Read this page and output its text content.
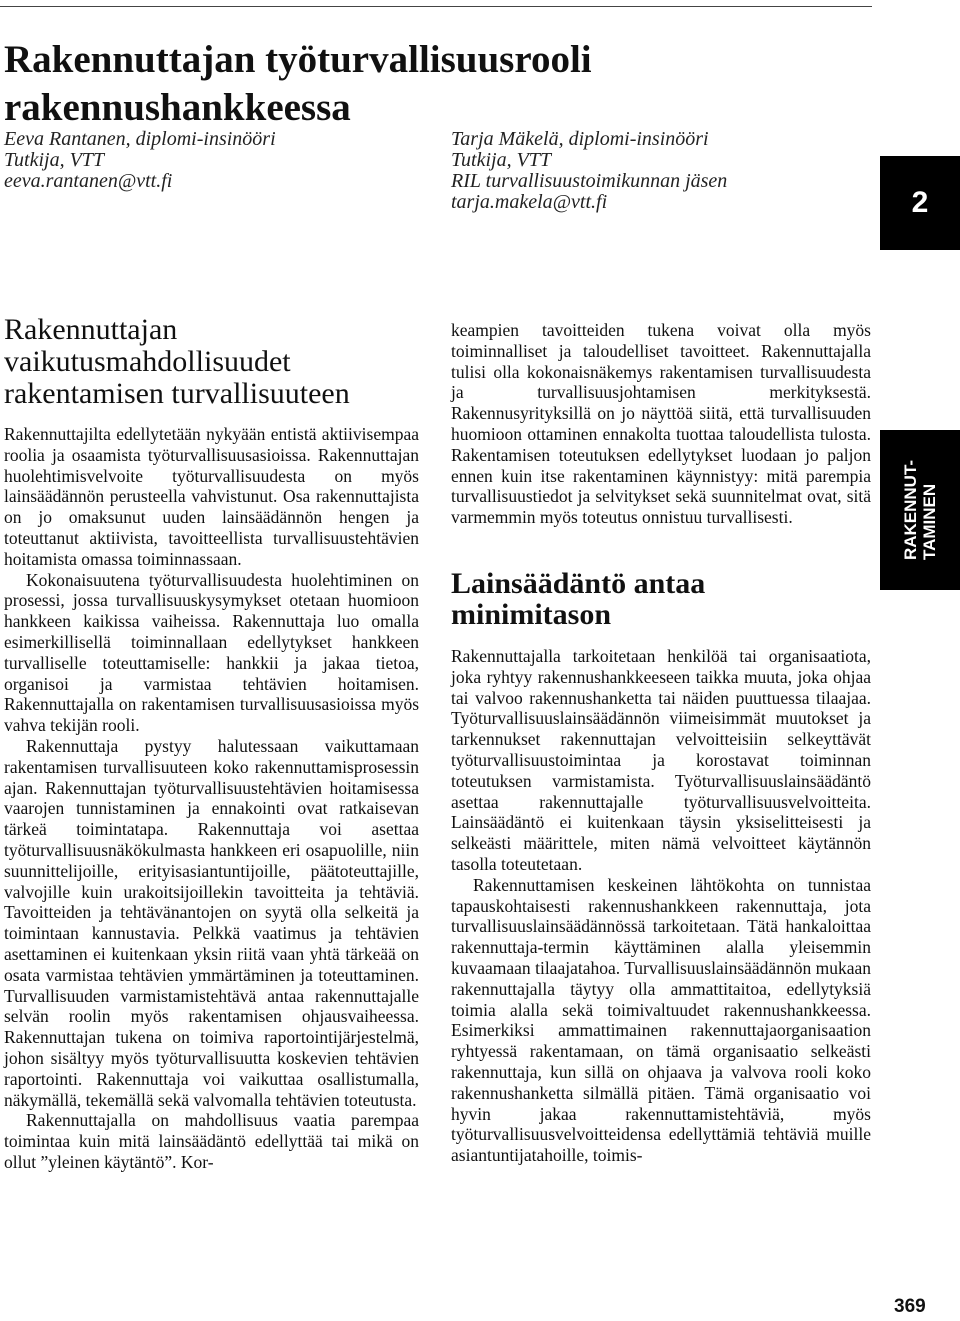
Rakennuttajan työturvallisuusrooli
rakennushankkeessa
Eeva Rantanen, diplomi-insinööri
Tutkija, VTT
eeva.rantanen@vtt.fi
Tarja Mäkelä, diplomi-insinööri
Tutkija, VTT
RIL turvallisuustoimikunnan jäsen
tarja.makela@vtt.fi	2
RAKENNUT- TAMINEN
Rakennuttajan vaikutusmahdollisuudet rakentamisen turvallisuuteen

Rakennuttajilta edellytetään nykyään entistä aktiivisempaa roolia ja osaamista työturvallisuusasioissa. Rakennuttajan huolehtimisvelvoite työturvallisuudesta on myös lainsäädännön perusteella vahvistunut. Osa rakennuttajista on jo omaksunut uuden lainsäädännön hengen ja toteuttanut aktiivista, tavoitteellista turvallisuustehtävien hoitamista omassa toiminnassaan.

Kokonaisuutena työturvallisuudesta huolehtiminen on prosessi, jossa turvallisuuskysymykset otetaan huomioon hankkeen kaikissa vaiheissa. Rakennuttaja luo omalla esimerkillisellä toiminnallaan edellytykset hankkeen turvalliselle toteuttamiselle: hankkii ja jakaa tietoa, organisoi ja varmistaa tehtävien hoitamisen. Rakennuttajalla on rakentamisen turvallisuusasioissa myös vahva tekijän rooli.

Rakennuttaja pystyy halutessaan vaikuttamaan rakentamisen turvallisuuteen koko rakennuttamisprosessin ajan. Rakennuttajan työturvallisuustehtävien hoitamisessa vaarojen tunnistaminen ja ennakointi ovat ratkaisevan tärkeä toimintatapa. Rakennuttaja voi asettaa työturvallisuusnäkökulmasta hankkeen eri osapuolille, niin suunnittelijoille, erityisasiantuntijoille, päätoteuttajille, valvojille kuin urakoitsijoillekin tavoitteita ja tehtäviä. Tavoitteiden ja tehtävänantojen on syytä olla selkeitä ja toimintaan kannustavia. Pelkkä vaatimus ja tehtävien asettaminen ei kuitenkaan yksin riitä vaan yhtä tärkeää on osata varmistaa tehtävien ymmärtäminen ja toteuttaminen. Turvallisuuden varmistamistehtävä antaa rakennuttajalle selvän roolin myös rakentamisen ohjausvaiheessa. Rakennuttajan tukena on toimiva raportointijärjestelmä, johon sisältyy myös työturvallisuutta koskevien tehtävien raportointi. Rakennuttaja voi vaikuttaa osallistumalla, näkymällä, tekemällä sekä valvomalla tehtävien toteutusta.

Rakennuttajalla on mahdollisuus vaatia parempaa toimintaa kuin mitä lainsäädäntö edellyttää tai mikä on ollut ”yleinen käytäntö”. Kor-

keampien tavoitteiden tukena voivat olla myös toiminnalliset ja taloudelliset tavoitteet. Rakennuttajalla tulisi olla kokonaisnäkemys rakentamisen turvallisuudesta ja turvallisuusjohtamisen merkityksestä. Rakennusyrityksillä on jo näyttöä siitä, että turvallisuuden huomioon ottaminen ennakolta tuottaa taloudellista tulosta. Rakentamisen toteutuksen edellytykset luodaan jo paljon ennen kuin itse rakentaminen käynnistyy: mitä parempia turvallisuustiedot ja selvitykset sekä suunnitelmat ovat, sitä varmemmin myös toteutus onnistuu turvallisesti.

Lainsäädäntö antaa minimitason

Rakennuttajalla tarkoitetaan henkilöä tai organisaatiota, joka ryhtyy rakennushankkeeseen taikka muuta, joka ohjaa tai valvoo rakennushanketta tai näiden puuttuessa tilaajaa. Työturvallisuuslainsäädännön viimeisimmät muutokset ja tarkennukset rakennuttajan velvoitteisiin selkeyttävät työturvallisuustoimintaa ja korostavat toiminnan toteutuksen varmistamista. Työturvallisuuslainsäädäntö asettaa rakennuttajalle työturvallisuusvelvoitteita. Lainsäädäntö ei kuitenkaan täysin yksiselitteisesti ja selkeästi määrittele, miten nämä velvoitteet käytännön tasolla toteutetaan.

Rakennuttamisen keskeinen lähtökohta on tunnistaa tapauskohtaisesti rakennushankkeen rakennuttaja, jota turvallisuuslainsäädännössä tarkoitetaan. Tätä hankaloittaa rakennuttaja-termin käyttäminen alalla yleisemmin kuvaamaan tilaajatahoa. Turvallisuuslainsäädännön mukaan rakennuttajalla täytyy olla ammattitaitoa, edellytyksiä toimia alalla sekä toimivaltuudet rakennushankkeessa. Esimerkiksi ammattimainen rakennuttajaorganisaation ryhtyessä rakentamaan, on tämä organisaatio selkeästi rakennuttaja, kun sillä on ohjaava ja valvova rooli koko rakennushanketta silmällä pitäen. Tämä organisaatio voi hyvin jakaa rakennuttamistehtäviä, myös työturvallisuusvelvoitteidensa edellyttämiä tehtäviä muille asiantuntijatahoille, toimis-

369
